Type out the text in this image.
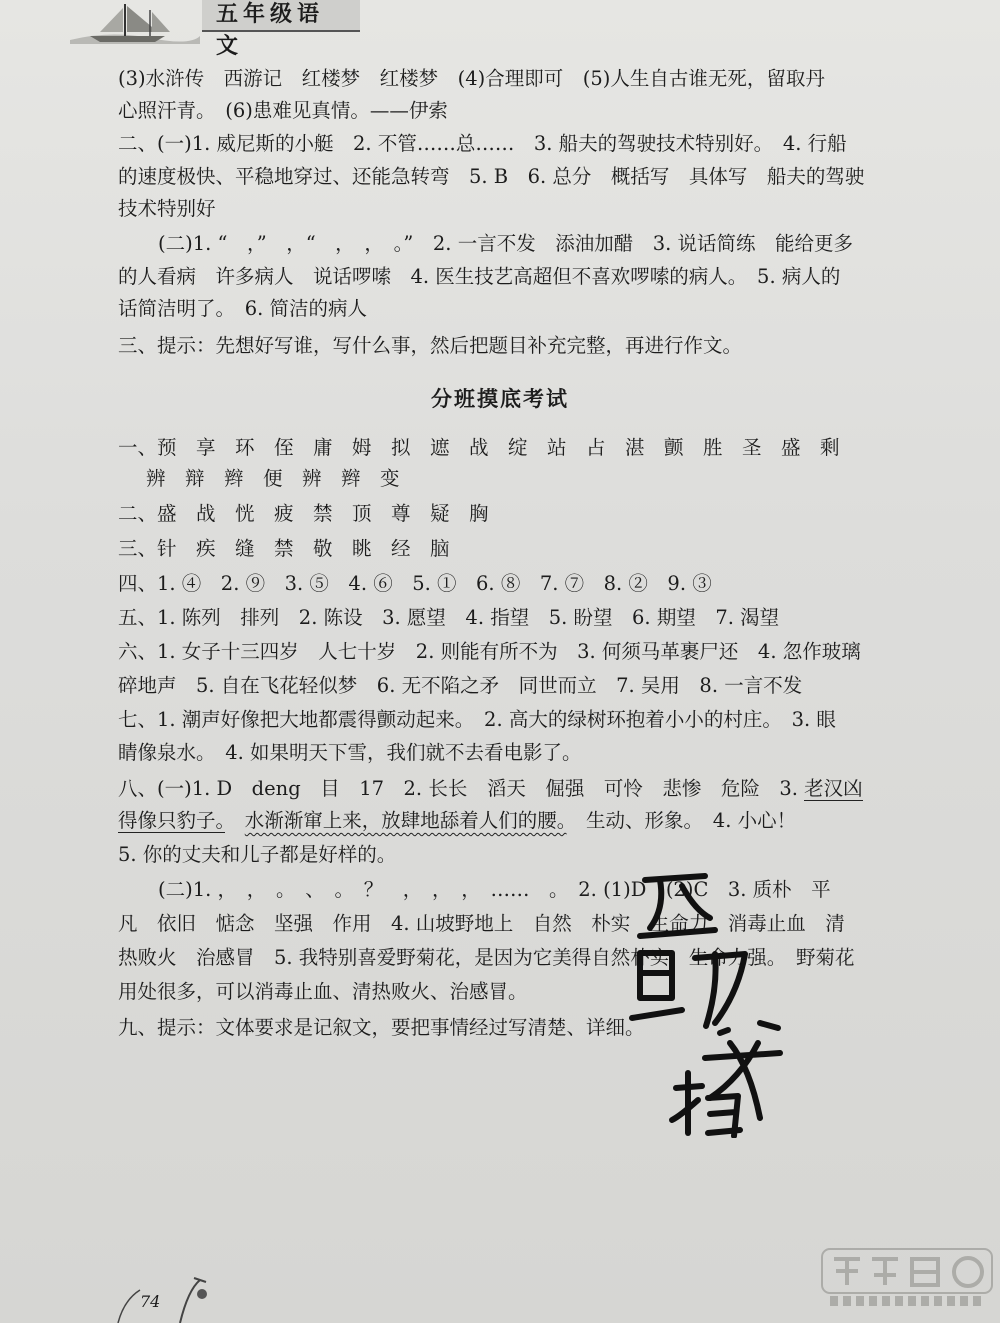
五年级语文
(3)水浒传　西游记　红楼梦　红楼梦　(4)合理即可　(5)人生自古谁无死，留取丹
心照汗青。　(6)患难见真情。——伊索
二、(一)1. 威尼斯的小艇　2. 不管……总……　3. 船夫的驾驶技术特别好。　4. 行船
的速度极快、平稳地穿过、还能急转弯　5. B　6. 总分　概括写　具体写　船夫的驾驶
技术特别好
(二)1. “　，”　，“　，　，　。”　2. 一言不发　添油加醋　3. 说话简练　能给更多
的人看病　许多病人　说话啰嗦　4. 医生技艺高超但不喜欢啰嗦的病人。　5. 病人的
话简洁明了。　6. 简洁的病人
三、提示：先想好写谁，写什么事，然后把题目补充完整，再进行作文。
分班摸底考试
一、预　享　环　侄　庸　姆　拟　遮　战　绽　站　占　湛　颤　胜　圣　盛　剩
辨　辩　辫　便　辨　辫　变
二、盛　战　恍　疲　禁　顶　尊　疑　胸
三、针　疾　缝　禁　敬　眺　经　脑
四、1. ④　2. ⑨　3. ⑤　4. ⑥　5. ①　6. ⑧　7. ⑦　8. ②　9. ③
五、1. 陈列　排列　2. 陈设　3. 愿望　4. 指望　5. 盼望　6. 期望　7. 渴望
六、1. 女子十三四岁　人七十岁　2. 则能有所不为　3. 何须马革裹尸还　4. 忽作玻璃
碎地声　5. 自在飞花轻似梦　6. 无不陷之矛　同世而立　7. 吴用　8. 一言不发
七、1. 潮声好像把大地都震得颤动起来。　2. 高大的绿树环抱着小小的村庄。　3. 眼
睛像泉水。　4. 如果明天下雪，我们就不去看电影了。
八、(一)1. D　deng　目　17　2. 长长　滔天　倔强　可怜　悲惨　危险　3. 老汉凶
得像只豹子。　 水渐渐窜上来，放肆地舔着人们的腰。　生动、形象。　4. 小心！
5. 你的丈夫和儿子都是好样的。
(二)1. ，　，　。　、　。　？　，　，　，　……　。　2. (1)D　(2)C　3. 质朴　平
凡　依旧　惦念　坚强　作用　4. 山坡野地上　自然　朴实　生命力　消毒止血　清
热败火　治感冒　5. 我特别喜爱野菊花，是因为它美得自然朴实，生命力强。　野菊花
用处很多，可以消毒止血、清热败火、治感冒。
九、提示：文体要求是记叙文，要把事情经过写清楚、详细。
74
